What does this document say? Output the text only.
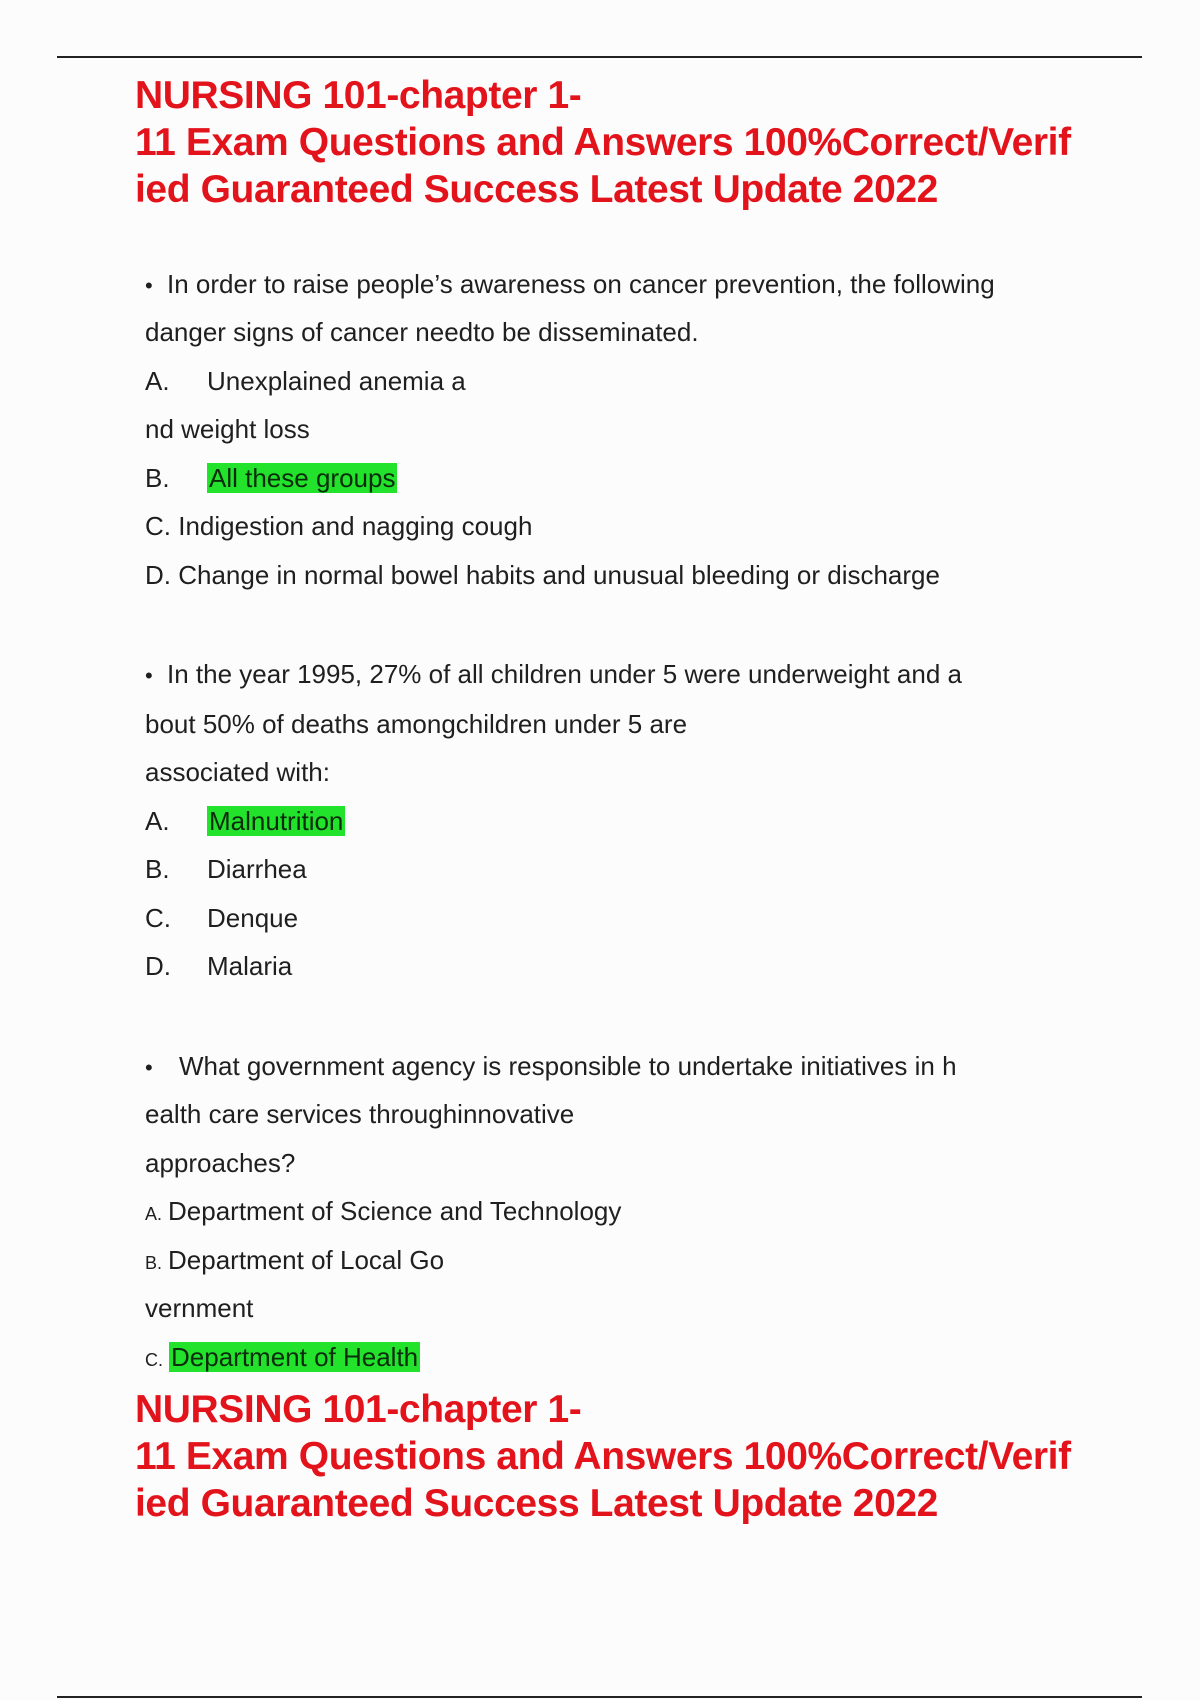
NURSING 101-chapter 1-
11 Exam Questions and Answers 100%Correct/Verif
ied Guaranteed Success Latest Update 2022
• In order to raise people’s awareness on cancer prevention, the following
danger signs of cancer needto be disseminated.
A. Unexplained anemia a
nd weight loss
B. All these groups
C. Indigestion and nagging cough
D. Change in normal bowel habits and unusual bleeding or discharge
• In the year 1995, 27% of all children under 5 were underweight and a
bout 50% of deaths amongchildren under 5 are
associated with:
A. Malnutrition
B. Diarrhea
C. Denque
D. Malaria
• What government agency is responsible to undertake initiatives in h
ealth care services throughinnovative
approaches?
A. Department of Science and Technology
B. Department of Local Go
vernment
C. Department of Health
NURSING 101-chapter 1-
11 Exam Questions and Answers 100%Correct/Verif
ied Guaranteed Success Latest Update 2022
